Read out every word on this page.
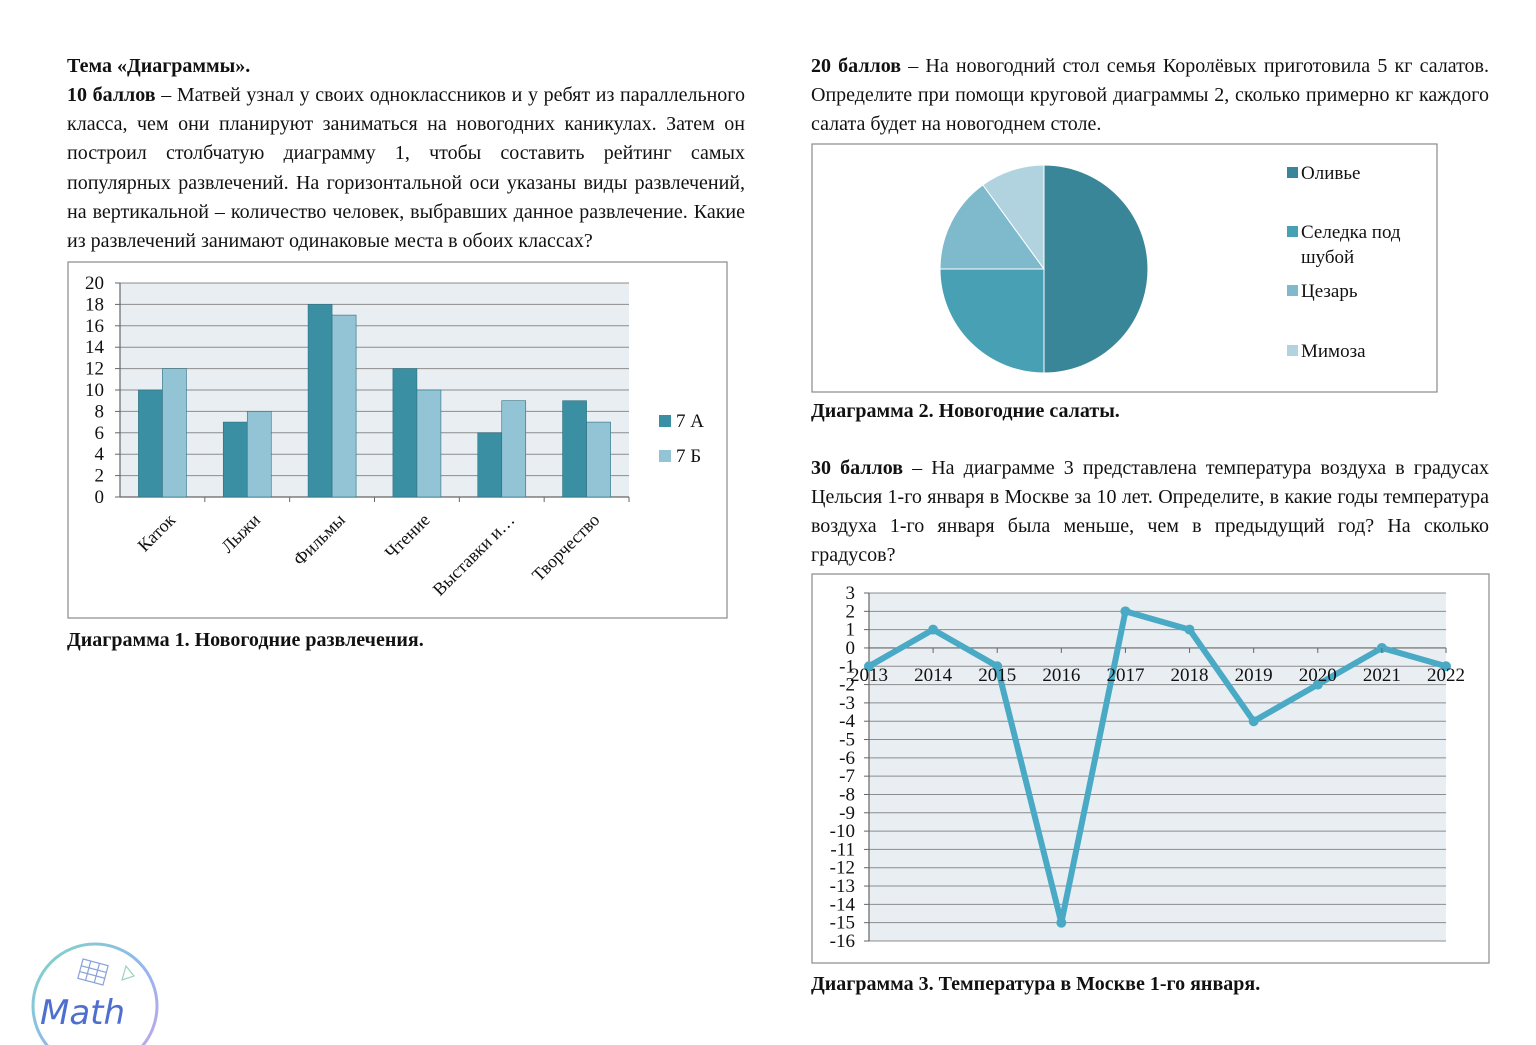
Тема «Диаграммы».

10 баллов – Матвей узнал у своих одноклассников и у ребят из параллельного класса, чем они планируют заниматься на новогодних каникулах. Затем он построил столбчатую диаграмму 1, чтобы составить рейтинг самых популярных развлечений. На горизонтальной оси указаны виды развлечений, на вертикальной – количество человек, выбравших данное развлечение. Какие из развлечений занимают одинаковые места в обоих классах?

0
2
4
6
8
10
12
14
16
18
20
Каток Лыжи Фильмы Чтение
Выставки и… Творчество
7 А
7 Б
Диаграмма 1. Новогодние развлечения.

20 баллов – На новогодний стол семья Королёвых приготовила 5 кг салатов. Определите при помощи круговой диаграммы 2, сколько примерно кг каждого салата будет на новогоднем столе.

Оливье
Селедка под шубой
Цезарь
Мимоза
Диаграмма 2. Новогодние салаты.

30 баллов – На диаграмме 3 представлена температура воздуха в градусах Цельсия 1-го января в Москве за 10 лет. Определите, в какие годы температура воздуха 1-го января была меньше, чем в предыдущий год? На сколько градусов?

3
2
1
0
-1
-2
-3
-4
-5
-6
-7
-8
-9
-10
-11
-12
-13
-14
-15
-16
2013 2014 2015 2016 2017 2018 2019 2020 2021 2022
Диаграмма 3. Температура в Москве 1-го января.
Math
